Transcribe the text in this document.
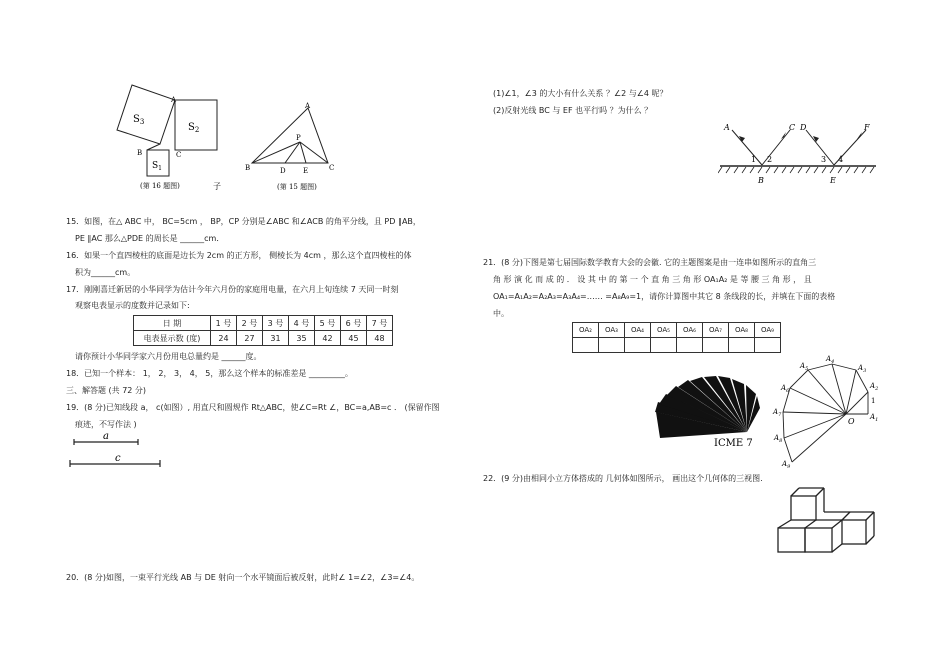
$S_3$	$S_2$
$S_1$
A
B	C
(第 16 题图)	子
A
B	C
P
D E
(第 15 题图)
15．如图，在△ ABC 中， BC=5cm ， BP，CP 分别是∠ABC 和∠ACB 的角平分线，且 PD ∥AB，
PE ∥AC 那么△PDE 的周长是 ______cm．
16．如果一个直四棱柱的底面是边长为 2cm 的正方形， 侧棱长为 4cm ，那么这个直四棱柱的体
积为______cm。
17．刚刚喜迁新居的小华同学为估计今年六月份的家庭用电量，在六月上旬连续 7 天同一时刻
观察电表显示的度数并记录如下:
日 期	1 号	2 号	3 号	4 号	5 号	6 号	7 号
电表显示数 (度)	24	27	31	35	42	45	48
请你预计小华同学家六月份用电总量约是 ______度。
18．已知一个样本： 1， 2， 3， 4， 5，那么这个样本的标准差是 _________。
三、解答题 (共 72 分)
19．(8 分)已知线段 a， c(如图）, 用直尺和圆规作 Rt△ABC，使∠C=Rt ∠，BC=a,AB=c ． (保留作图
痕迹，不写作法 )
a
c
20．(8 分)如图，一束平行光线 AB 与 DE 射向一个水平镜面后被反射，此时∠ 1=∠2，∠3=∠4。
(1)∠1，∠3 的大小有什么关系 ？∠2 与∠4 呢？
(2)反射光线 BC 与 EF 也平行吗 ？为什么 ？
A	C D	F
B	E
1 2	3 4
21．(8 分)下图是第七届国际数学教育大会的会徽. 它的主题图案是由一连串如图所示的直角三
角 形 演 化 而 成 的 ． 设 其 中 的 第 一 个 直 角 三 角 形 OA₁A₂ 是 等 腰 三 角 形 ， 且
OA₁=A₁A₂=A₂A₃=A₃A₄=…… =A₈A₉=1，请你计算图中其它 8 条线段的长，并填在下面的表格
中。
OA₂	OA₃	OA₄	OA₅	OA₆	OA₇	OA₈	OA₉

ICME 7
$A_1$
$A_2$
$A_3$
$A_4$
$A_5$
$A_6$
$A_7$
$A_8$
$A_9$
O
1
22．(9 分)由相同小立方体搭成的 几何体如图所示， 画出这个几何体的三视图.
